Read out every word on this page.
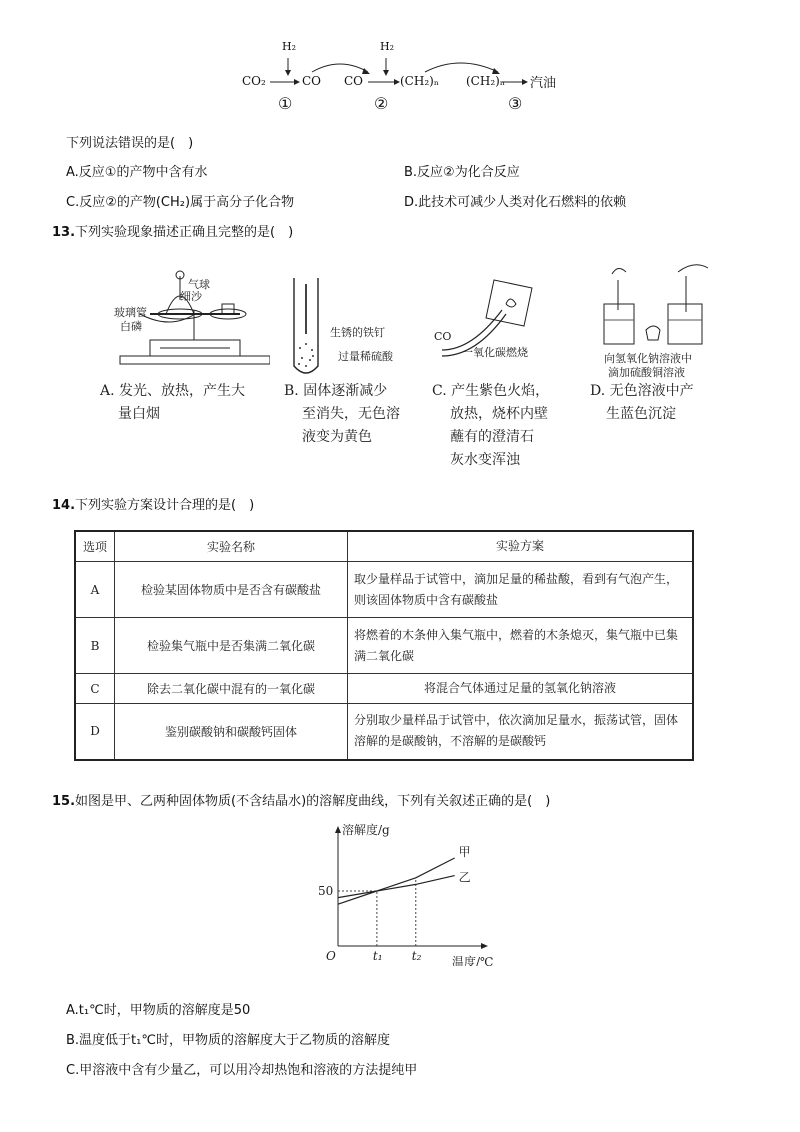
H₂	H₂
CO₂	CO CO	(CH₂)ₙ (CH₂)ₙ 汽油
①	②	③
下列说法错误的是(　)
A.反应①的产物中含有水	B.反应②为化合反应
C.反应②的产物(CH₂)属于高分子化合物	D.此技术可减少人类对化石燃料的依赖
13.下列实验现象描述正确且完整的是(　)
气球
细沙
玻璃管
白磷
A. 发光、放热，产生大
量白烟
生锈的铁钉
过量稀硫酸
B. 固体逐渐减少
至消失，无色溶
液变为黄色
CO
一氧化碳燃烧
C. 产生紫色火焰，
放热，烧杯内壁
蘸有的澄清石
灰水变浑浊
向氢氧化钠溶液中
滴加硫酸铜溶液
D. 无色溶液中产
生蓝色沉淀
14.下列实验方案设计合理的是(　)
选项	实验名称	实验方案
A	检验某固体物质中是否含有碳酸盐	取少量样品于试管中，滴加足量的稀盐酸，看到有气泡产生，则该固体物质中含有碳酸盐
B	检验集气瓶中是否集满二氧化碳	将燃着的木条伸入集气瓶中，燃着的木条熄灭，集气瓶中已集满二氧化碳
C	除去二氧化碳中混有的一氧化碳	将混合气体通过足量的氢氧化钠溶液
D	鉴别碳酸钠和碳酸钙固体	分别取少量样品于试管中，依次滴加足量水，振荡试管，固体溶解的是碳酸钠，不溶解的是碳酸钙
15.如图是甲、乙两种固体物质(不含结晶水)的溶解度曲线，下列有关叙述正确的是(　)
溶解度/g
温度/℃
O
50
t₁ t₂
甲
乙
A.t₁℃时，甲物质的溶解度是50
B.温度低于t₁℃时，甲物质的溶解度大于乙物质的溶解度
C.甲溶液中含有少量乙，可以用冷却热饱和溶液的方法提纯甲
